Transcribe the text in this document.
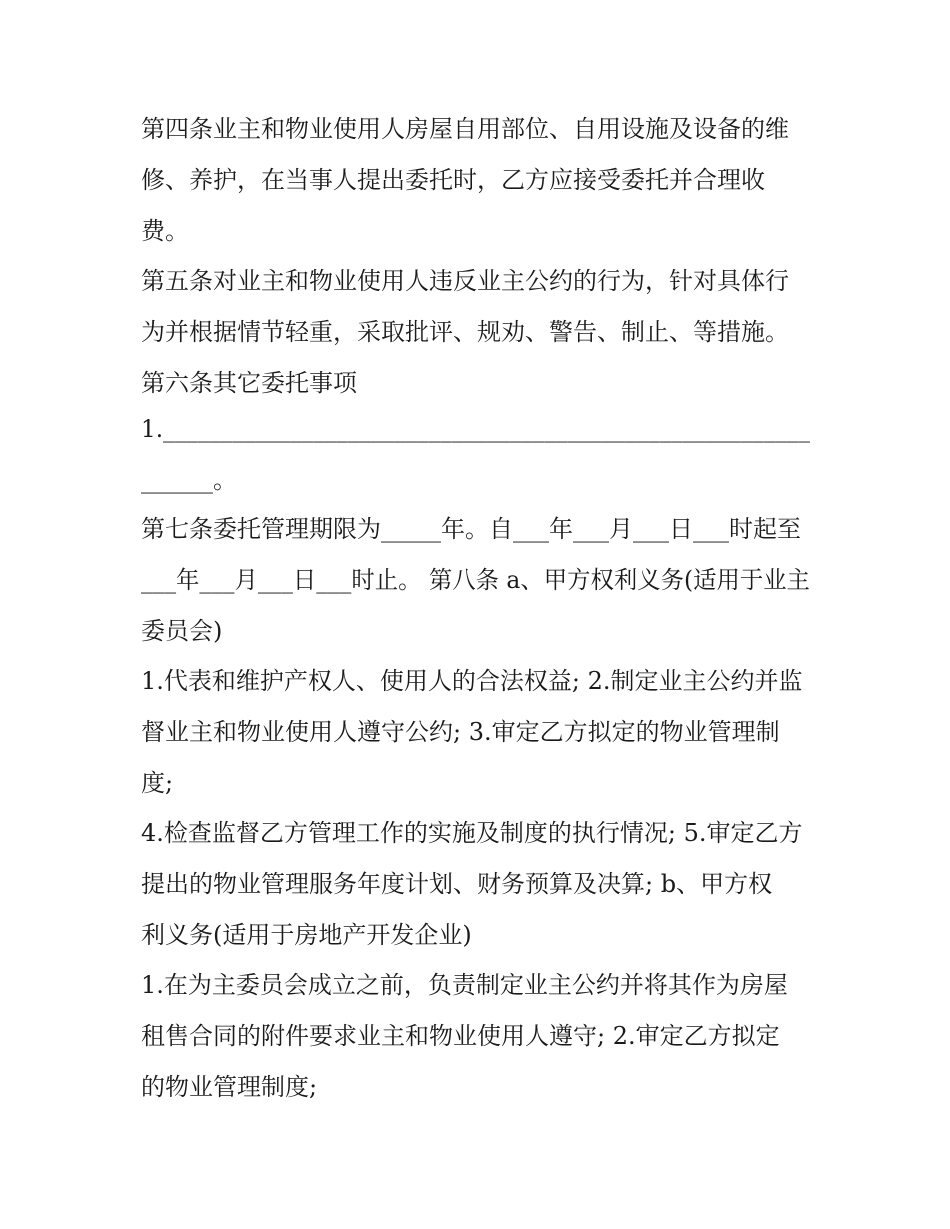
第四条业主和物业使用人房屋自用部位、自用设施及设备的维
修、养护，在当事人提出委托时，乙方应接受委托并合理收
费。
第五条对业主和物业使用人违反业主公约的行为，针对具体行
为并根据情节轻重，采取批评、规劝、警告、制止、等措施。
第六条其它委托事项
1.________________________________________________________
______。
第七条委托管理期限为_____年。自___年___月___日___时起至
___年___月___日___时止。 第八条 a、甲方权利义务(适用于业主
委员会)
1.代表和维护产权人、使用人的合法权益; 2.制定业主公约并监
督业主和物业使用人遵守公约; 3.审定乙方拟定的物业管理制
度;
4.检查监督乙方管理工作的实施及制度的执行情况; 5.审定乙方
提出的物业管理服务年度计划、财务预算及决算; b、甲方权
利义务(适用于房地产开发企业)
1.在为主委员会成立之前，负责制定业主公约并将其作为房屋
租售合同的附件要求业主和物业使用人遵守; 2.审定乙方拟定
的物业管理制度;
